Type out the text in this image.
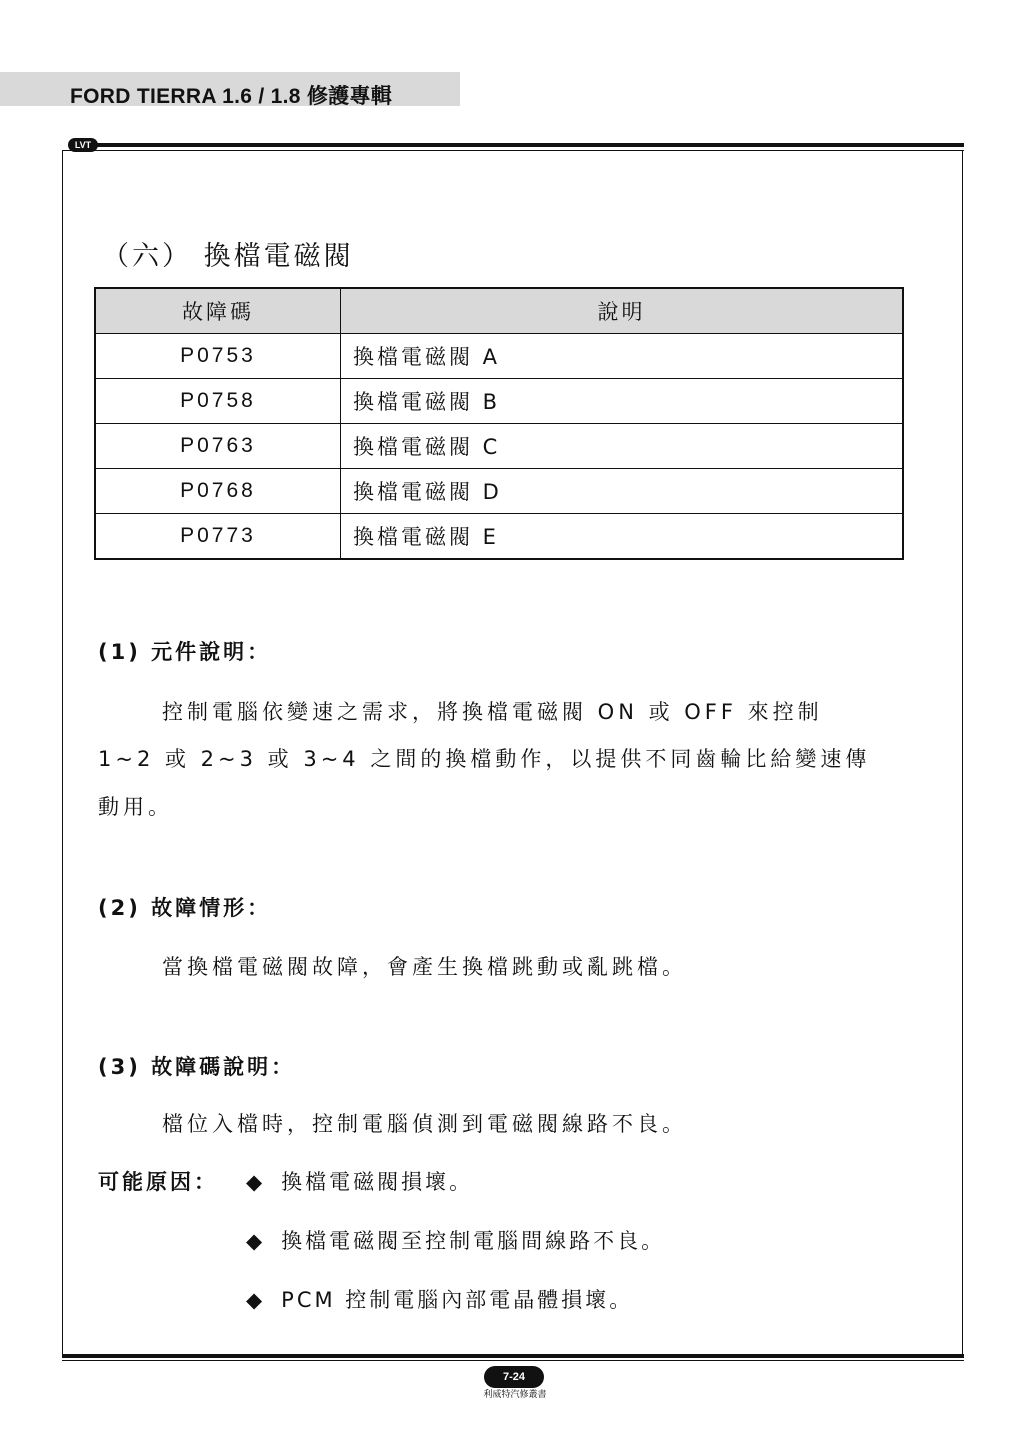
FORD TIERRA 1.6 / 1.8 修護專輯
LVT
（六） 換檔電磁閥
故障碼	說明
P0753	換檔電磁閥 A
P0758	換檔電磁閥 B
P0763	換檔電磁閥 C
P0768	換檔電磁閥 D
P0773	換檔電磁閥 E
(1) 元件說明：
控制電腦依變速之需求，將換檔電磁閥 ON 或 OFF 來控制
1~2 或 2~3 或 3~4 之間的換檔動作，以提供不同齒輪比給變速傳
動用。
(2) 故障情形：
當換檔電磁閥故障，會產生換檔跳動或亂跳檔。
(3) 故障碼說明：
檔位入檔時，控制電腦偵測到電磁閥線路不良。
可能原因： ◆ 換檔電磁閥損壞。
◆ 換檔電磁閥至控制電腦間線路不良。
◆ PCM 控制電腦內部電晶體損壞。
7-24
利威特汽修叢書
